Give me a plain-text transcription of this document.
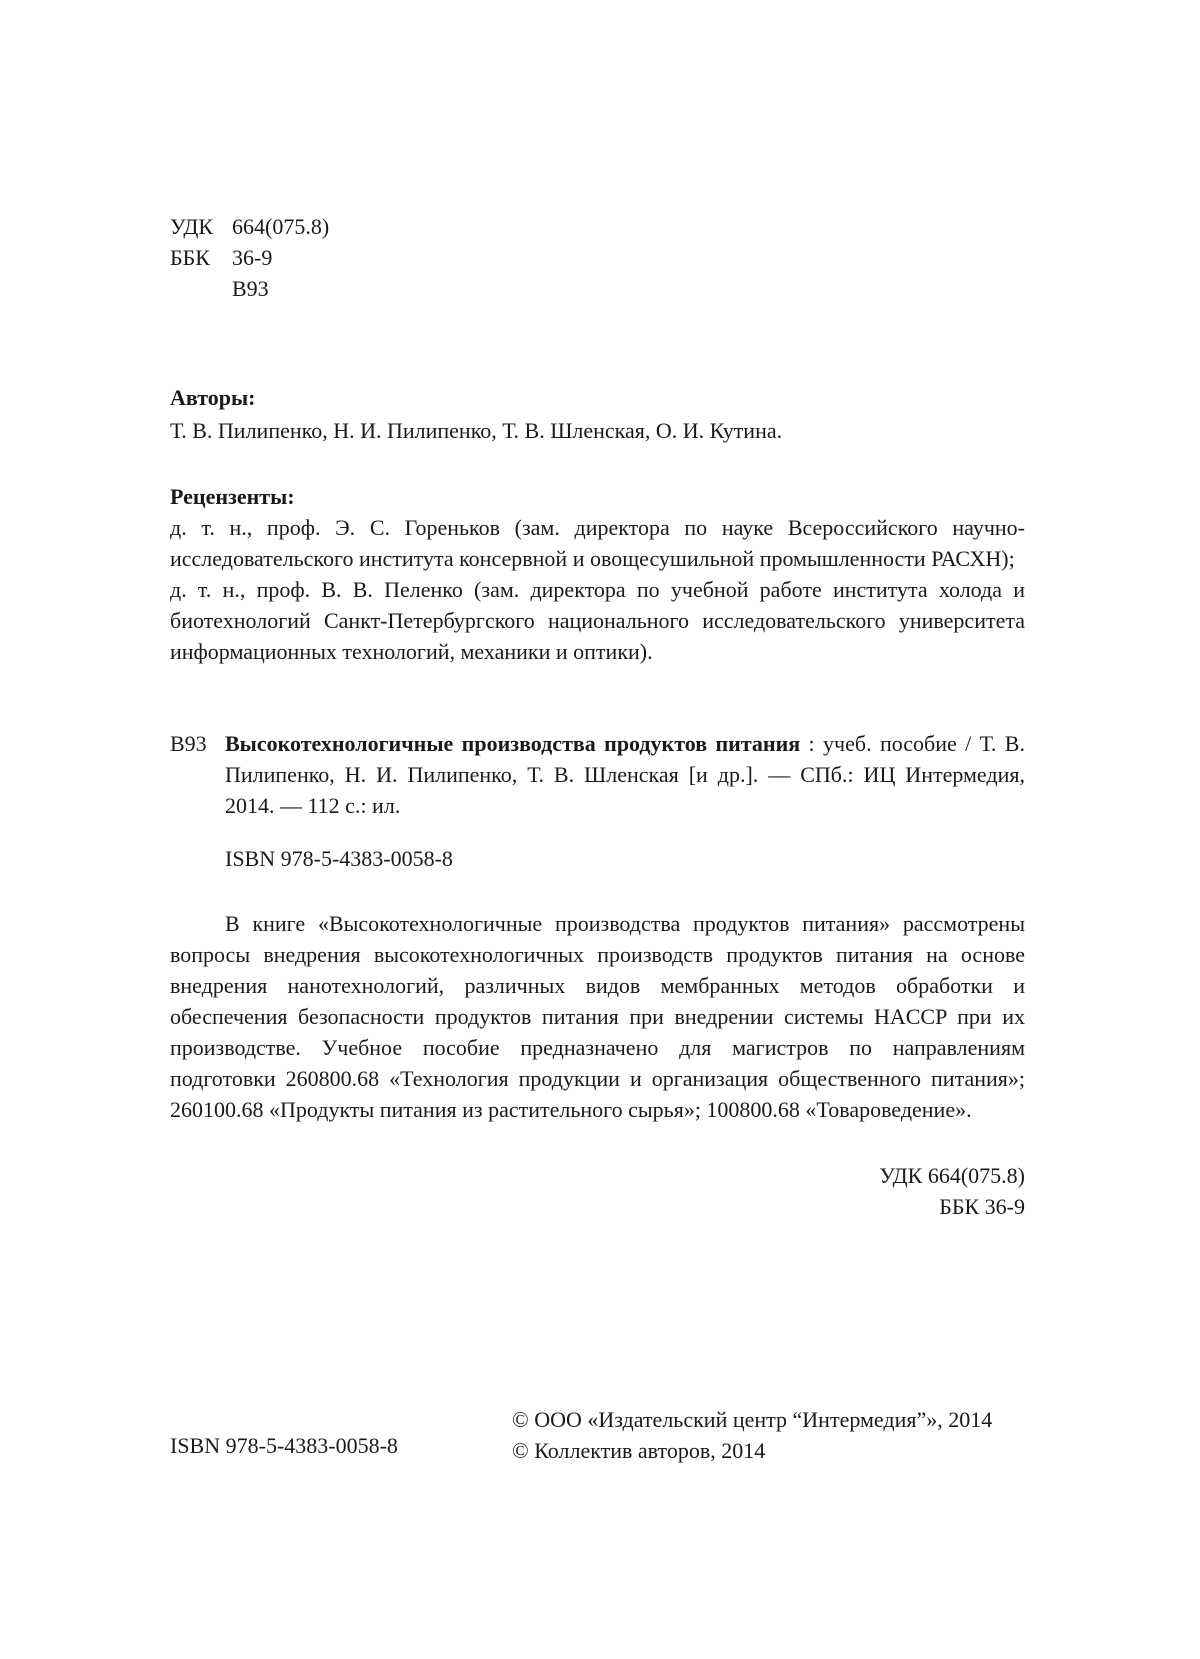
УДК 664(075.8)
ББК 36-9
В93
Авторы:
Т. В. Пилипенко, Н. И. Пилипенко, Т. В. Шленская, О. И. Кутина.
Рецензенты:
д. т. н., проф. Э. С. Гореньков (зам. директора по науке Всероссийского научно-исследовательского института консервной и овощесушильной промышленности РАСХН);
д. т. н., проф. В. В. Пеленко (зам. директора по учебной работе института холода и биотехнологий Санкт-Петербургского национального исследовательского университета информационных технологий, механики и оптики).
В93 Высокотехнологичные производства продуктов питания : учеб. пособие / Т. В. Пилипенко, Н. И. Пилипенко, Т. В. Шленская [и др.]. — СПб.: ИЦ Интермедия, 2014. — 112 с.: ил.
ISBN 978-5-4383-0058-8

В книге «Высокотехнологичные производства продуктов питания» рассмотрены вопросы внедрения высокотехнологичных производств продуктов питания на основе внедрения нанотехнологий, различных видов мембранных методов обработки и обеспечения безопасности продуктов питания при внедрении системы HACCP при их производстве. Учебное пособие предназначено для магистров по направлениям подготовки 260800.68 «Технология продукции и организация общественного питания»; 260100.68 «Продукты питания из растительного сырья»; 100800.68 «Товароведение».

УДК 664(075.8)
ББК 36-9
ISBN 978-5-4383-0058-8
© ООО «Издательский центр “Интермедия”», 2014
© Коллектив авторов, 2014
